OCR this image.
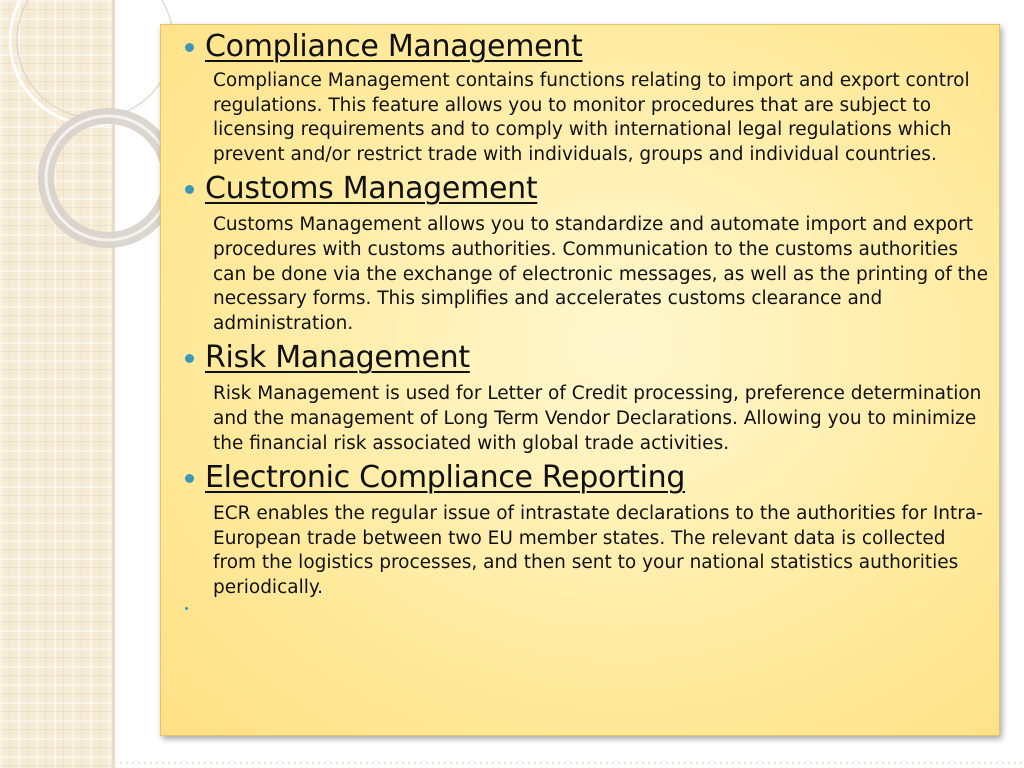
Compliance Management
Compliance Management contains functions relating to import and export control regulations. This feature allows you to monitor procedures that are subject to licensing requirements and to comply with international legal regulations which prevent and/or restrict trade with individuals, groups and individual countries.
Customs Management
Customs Management allows you to standardize and automate import and export procedures with customs authorities. Communication to the customs authorities can be done via the exchange of electronic messages, as well as the printing of the necessary forms. This simplifies and accelerates customs clearance and administration.
Risk Management
Risk Management is used for Letter of Credit processing, preference determination and the management of Long Term Vendor Declarations. Allowing you to minimize the financial risk associated with global trade activities.
Electronic Compliance Reporting
ECR enables the regular issue of intrastate declarations to the authorities for Intra-European trade between two EU member states. The relevant data is collected from the logistics processes, and then sent to your national statistics authorities periodically.
